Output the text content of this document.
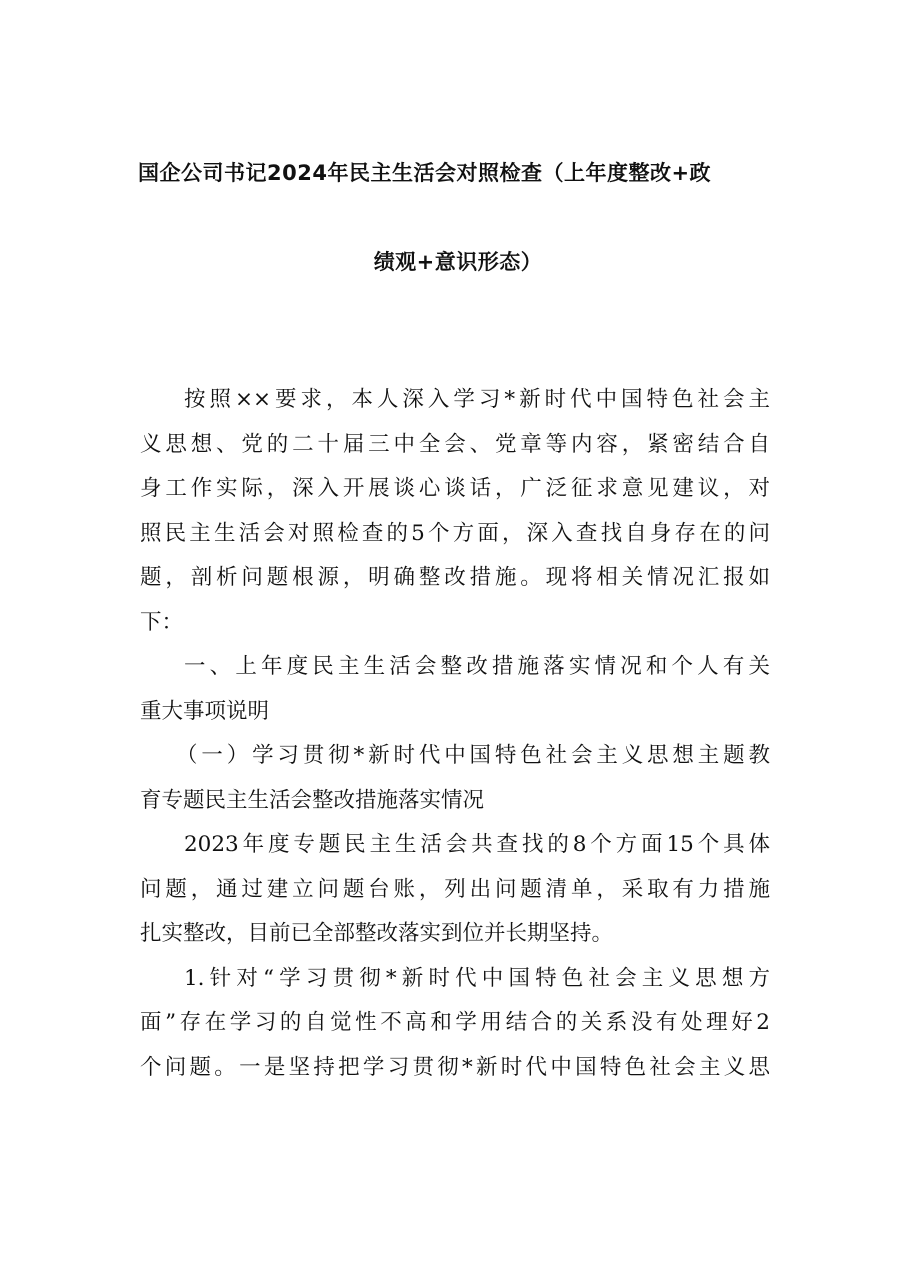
国企公司书记2024年民主生活会对照检查（上年度整改+政
绩观+意识形态）
按照××要求，本人深入学习*新时代中国特色社会主
义思想、党的二十届三中全会、党章等内容，紧密结合自
身工作实际，深入开展谈心谈话，广泛征求意见建议，对
照民主生活会对照检查的5个方面，深入查找自身存在的问
题，剖析问题根源，明确整改措施。现将相关情况汇报如
下：
一、上年度民主生活会整改措施落实情况和个人有关
重大事项说明
（一）学习贯彻*新时代中国特色社会主义思想主题教
育专题民主生活会整改措施落实情况
2023年度专题民主生活会共查找的8个方面15个具体
问题，通过建立问题台账，列出问题清单，采取有力措施
扎实整改，目前已全部整改落实到位并长期坚持。
1.针对“学习贯彻*新时代中国特色社会主义思想方
面”存在学习的自觉性不高和学用结合的关系没有处理好2
个问题。一是坚持把学习贯彻*新时代中国特色社会主义思
